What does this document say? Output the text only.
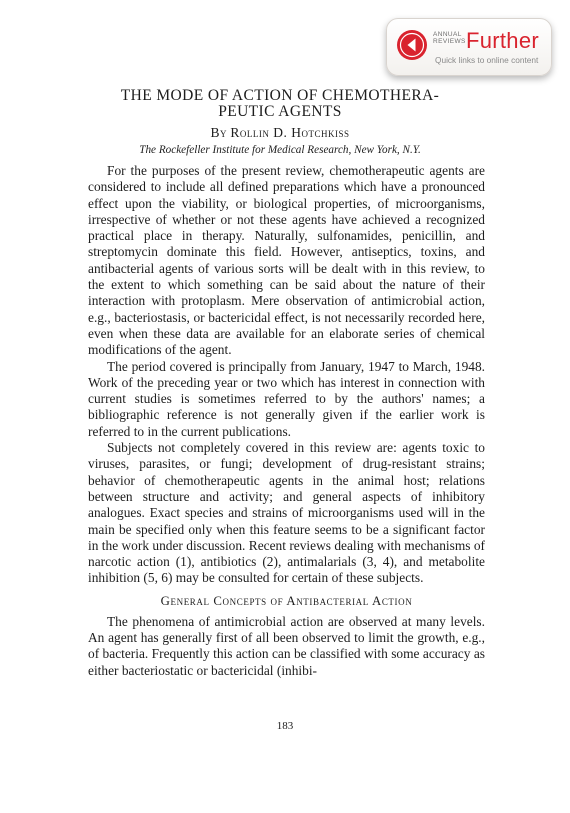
ANNUAL
REVIEWS Further
Quick links to online content
THE MODE OF ACTION OF CHEMOTHERA-
PEUTIC AGENTS
By Rollin D. Hotchkiss
The Rockefeller Institute for Medical Research, New York, N.Y.

For the purposes of the present review, chemotherapeutic agents are considered to include all defined preparations which have a pronounced effect upon the viability, or biological properties, of microorganisms, irrespective of whether or not these agents have achieved a recognized practical place in therapy. Naturally, sulfonamides, penicillin, and streptomycin dominate this field. However, antiseptics, toxins, and antibacterial agents of various sorts will be dealt with in this review, to the extent to which something can be said about the nature of their interaction with protoplasm. Mere observation of antimicrobial action, e.g., bacteriostasis, or bactericidal effect, is not necessarily recorded here, even when these data are available for an elaborate series of chemical modifications of the agent.

The period covered is principally from January, 1947 to March, 1948. Work of the preceding year or two which has interest in connection with current studies is sometimes referred to by the authors' names; a bibliographic reference is not generally given if the earlier work is referred to in the current publications.

Subjects not completely covered in this review are: agents toxic to viruses, parasites, or fungi; development of drug-resistant strains; behavior of chemotherapeutic agents in the animal host; relations between structure and activity; and general aspects of inhibitory analogues. Exact species and strains of microorganisms used will in the main be specified only when this feature seems to be a significant factor in the work under discussion. Recent reviews dealing with mechanisms of narcotic action (1), antibiotics (2), antimalarials (3, 4), and metabolite inhibition (5, 6) may be consulted for certain of these subjects.

General Concepts of Antibacterial Action

The phenomena of antimicrobial action are observed at many levels. An agent has generally first of all been observed to limit the growth, e.g., of bacteria. Frequently this action can be classified with some accuracy as either bacteriostatic or bactericidal (inhibi-

183
